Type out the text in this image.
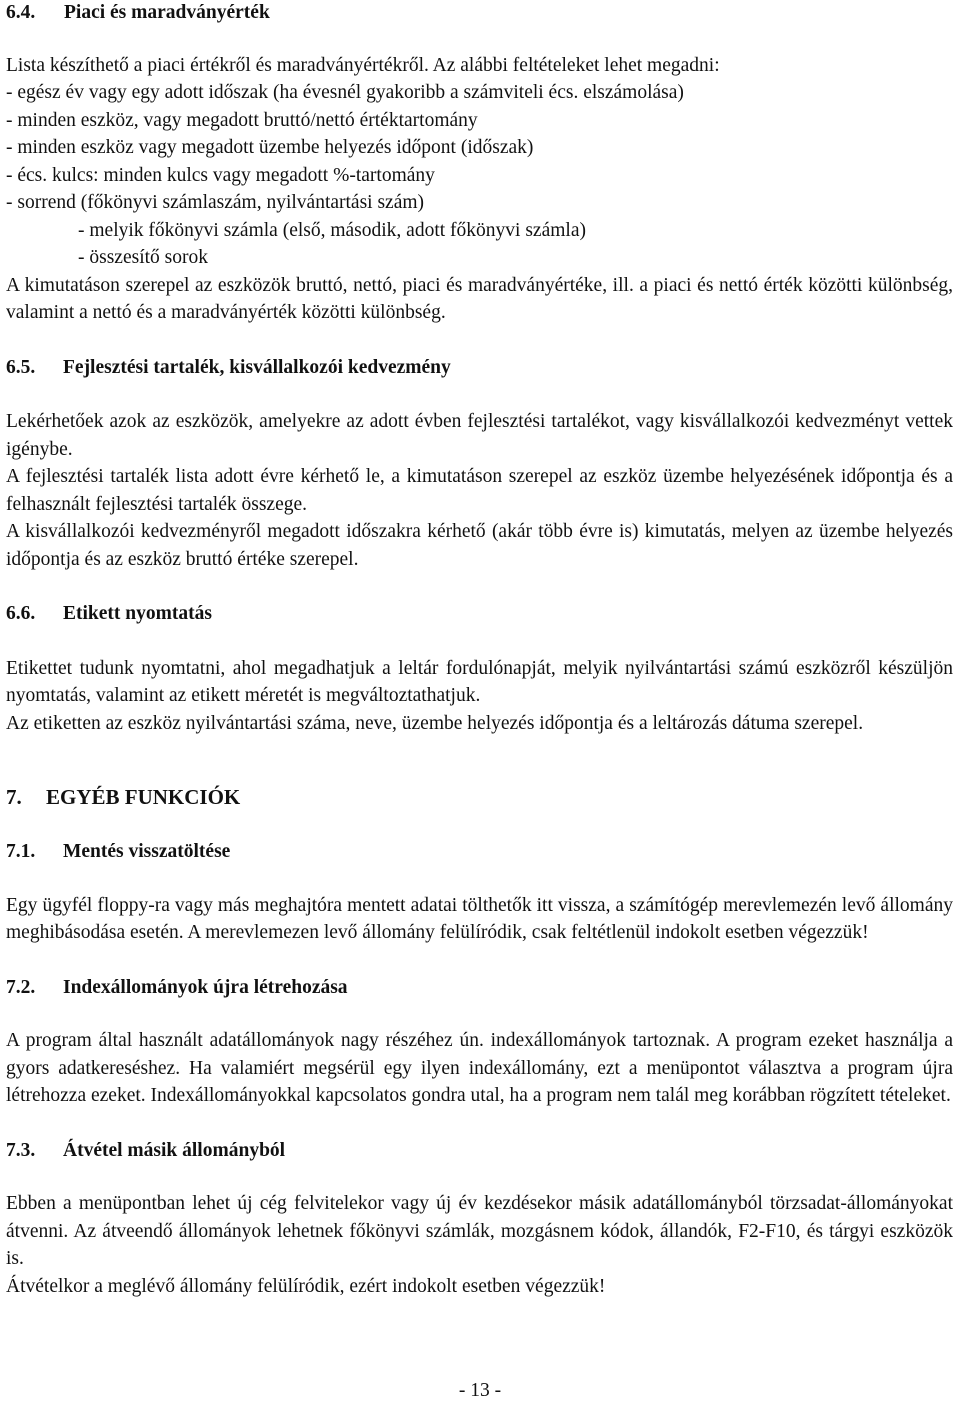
6.4.	Piaci és maradványérték

Lista készíthető a piaci értékről és maradványértékről. Az alábbi feltételeket lehet megadni:

- egész év vagy egy adott időszak (ha évesnél gyakoribb a számviteli écs. elszámolása)

- minden eszköz, vagy megadott bruttó/nettó értéktartomány

- minden eszköz vagy megadott üzembe helyezés időpont (időszak)

- écs. kulcs: minden kulcs vagy megadott %-tartomány

- sorrend (főkönyvi számlaszám, nyilvántartási szám)

- melyik főkönyvi számla (első, második, adott főkönyvi számla)

- összesítő sorok

A kimutatáson szerepel az eszközök bruttó, nettó, piaci és maradványértéke, ill. a piaci és nettó érték közötti különbség, valamint a nettó és a maradványérték közötti különbség.

6.5.	Fejlesztési tartalék, kisvállalkozói kedvezmény

Lekérhetőek azok az eszközök, amelyekre az adott évben fejlesztési tartalékot, vagy kisvállalkozói kedvezményt vettek igénybe.

A fejlesztési tartalék lista adott évre kérhető le, a kimutatáson szerepel az eszköz üzembe helyezésének időpontja és a felhasznált fejlesztési tartalék összege.

A kisvállalkozói kedvezményről megadott időszakra kérhető (akár több évre is) kimutatás, melyen az üzembe helyezés időpontja és az eszköz bruttó értéke szerepel.

6.6.	Etikett nyomtatás

Etikettet tudunk nyomtatni, ahol megadhatjuk a leltár fordulónapját, melyik nyilvántartási számú eszközről készüljön nyomtatás, valamint az etikett méretét is megváltoztathatjuk.

Az etiketten az eszköz nyilvántartási száma, neve, üzembe helyezés időpontja és a leltározás dátuma szerepel.

7.	EGYÉB FUNKCIÓK
7.1.	Mentés visszatöltése

Egy ügyfél floppy-ra vagy más meghajtóra mentett adatai tölthetők itt vissza, a számítógép merevlemezén levő állomány meghibásodása esetén. A merevlemezen levő állomány felülíródik, csak feltétlenül indokolt esetben végezzük!

7.2.	Indexállományok újra létrehozása

A program által használt adatállományok nagy részéhez ún. indexállományok tartoznak. A program ezeket használja a gyors adatkereséshez. Ha valamiért megsérül egy ilyen indexállomány, ezt a menüpontot választva a program újra létrehozza ezeket. Indexállományokkal kapcsolatos gondra utal, ha a program nem talál meg korábban rögzített tételeket.

7.3.	Átvétel másik állományból

Ebben a menüpontban lehet új cég felvitelekor vagy új év kezdésekor másik adatállományból törzsadat-állományokat átvenni. Az átveendő állományok lehetnek főkönyvi számlák, mozgásnem kódok, állandók, F2-F10, és tárgyi eszközök is.

Átvételkor a meglévő állomány felülíródik, ezért indokolt esetben végezzük!

- 13 -
